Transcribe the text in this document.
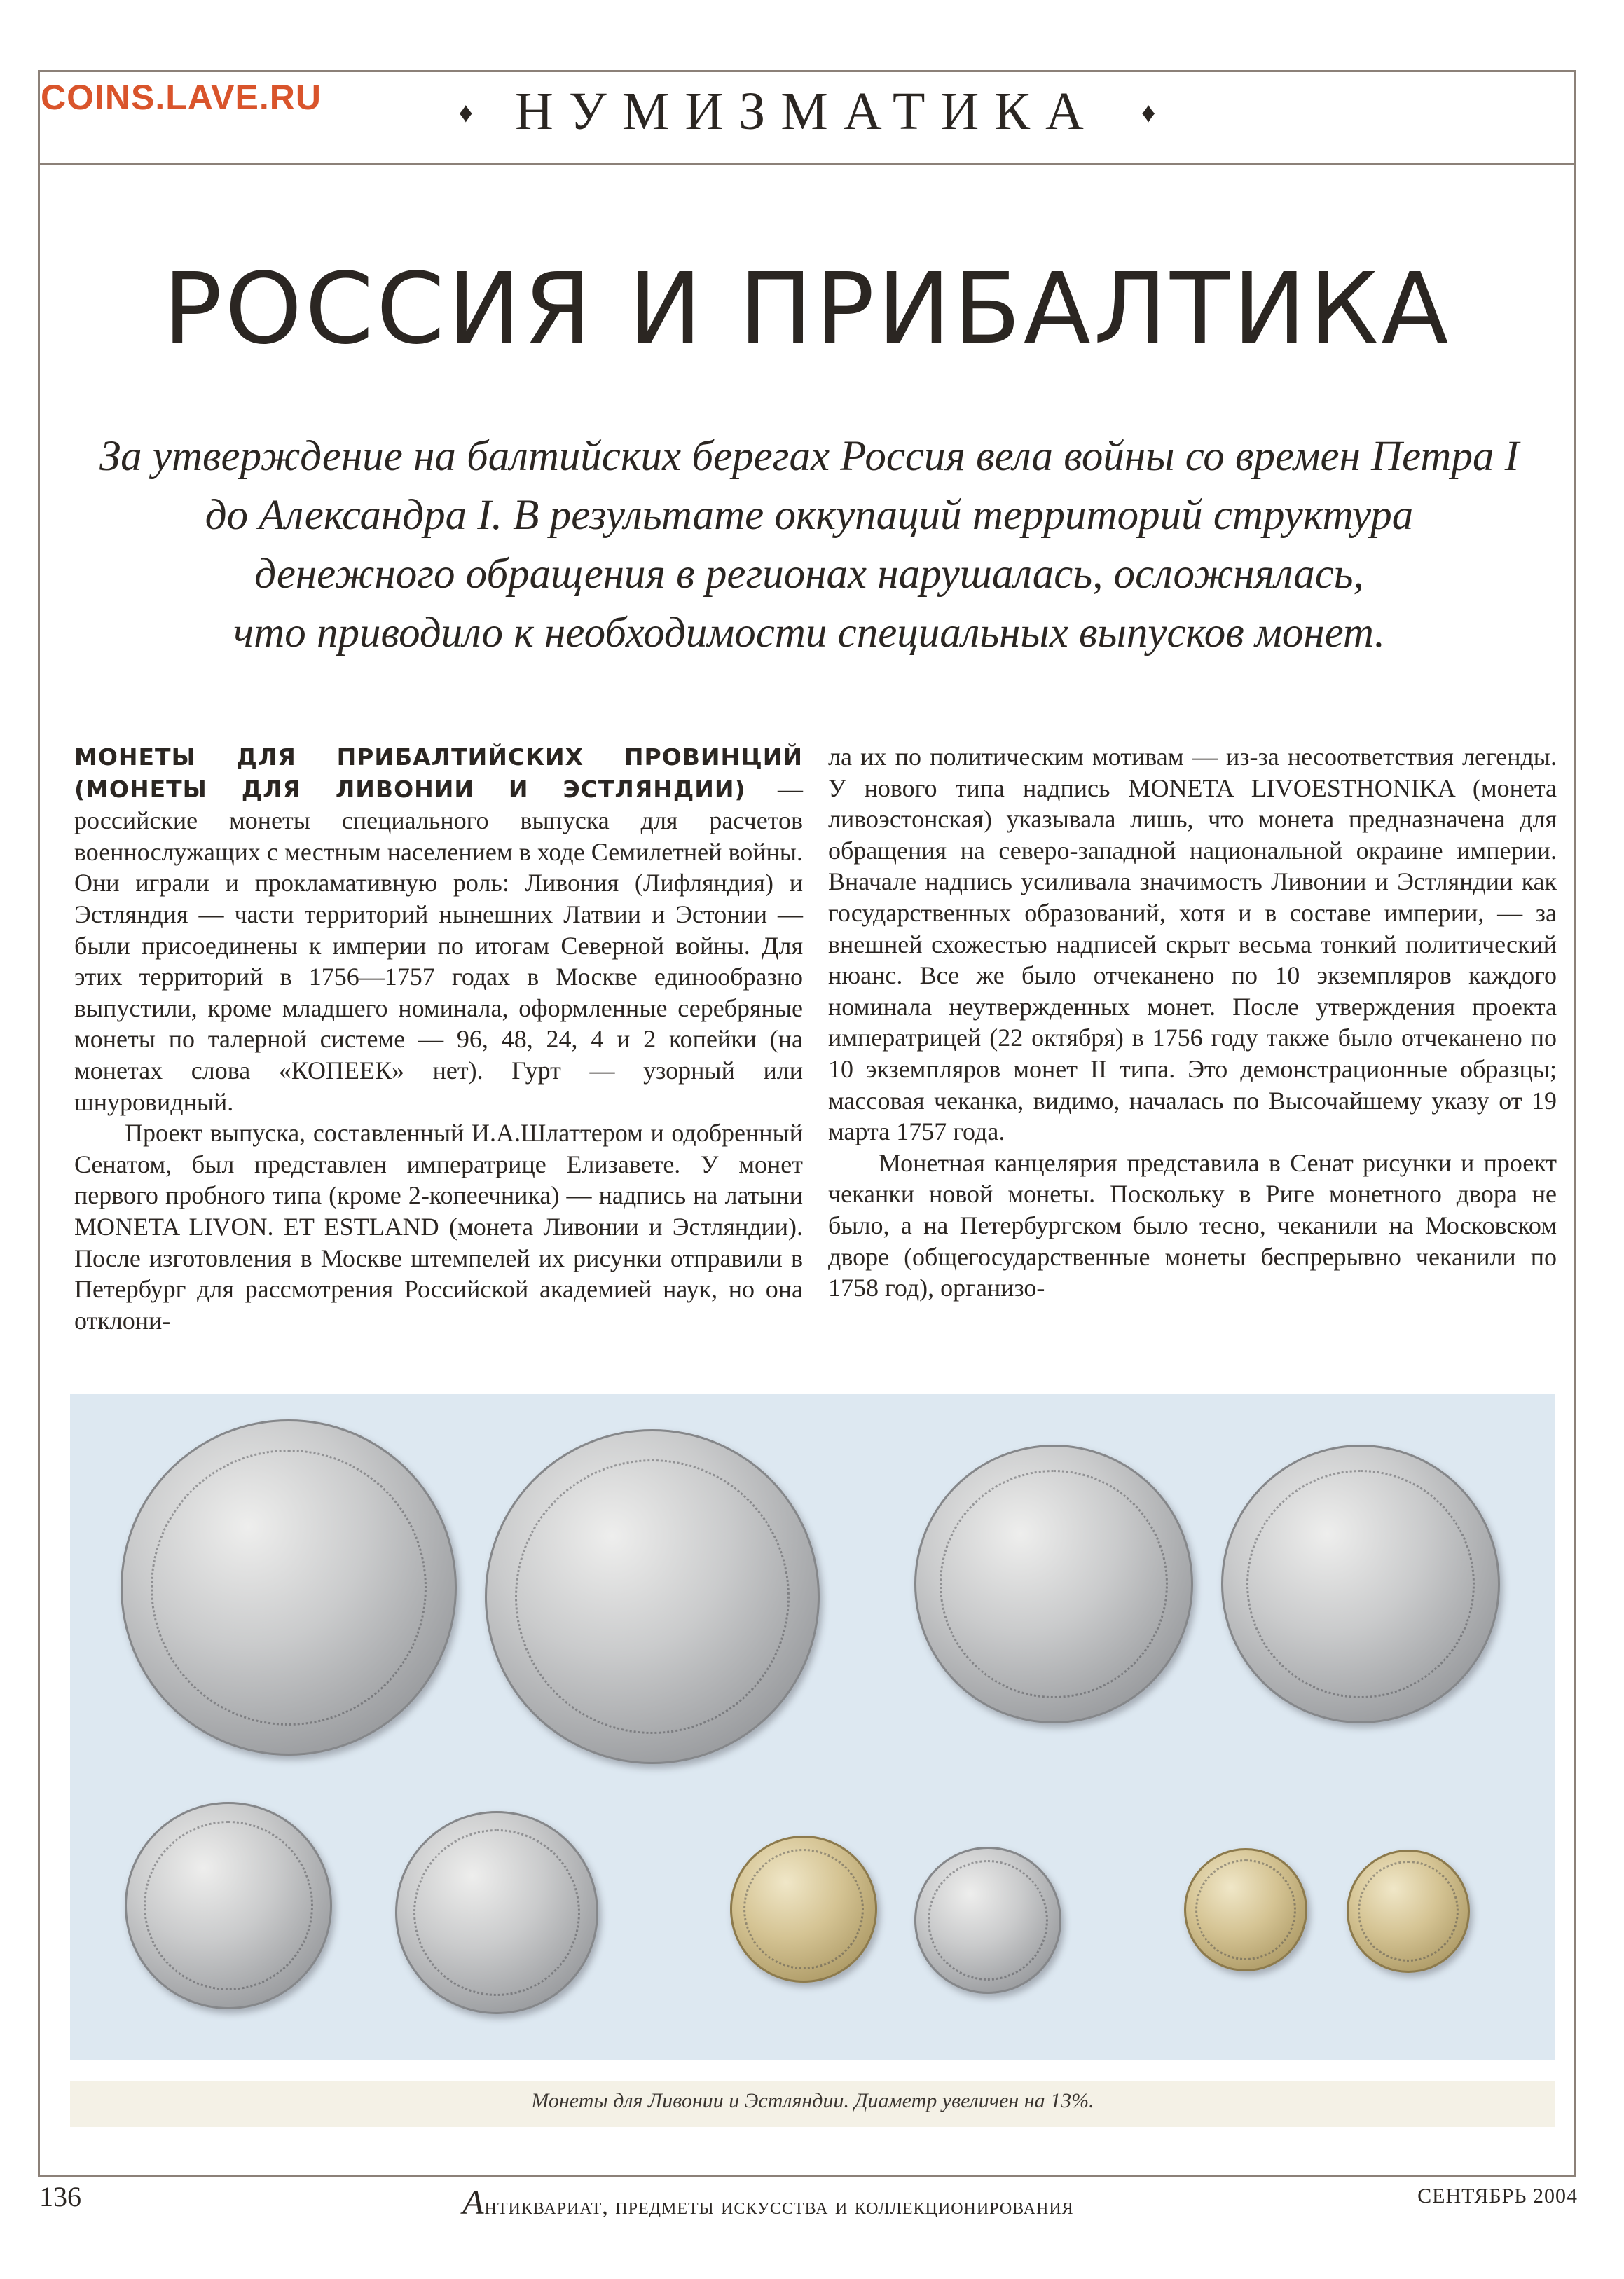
COINS.LAVE.RU	♦ НУМИЗМАТИКА ♦
РОССИЯ И ПРИБАЛТИКА
За утверждение на балтийских берегах Россия вела войны со времен Петра I
до Александра I. В результате оккупаций территорий структура
денежного обращения в регионах нарушалась, осложнялась,
что приводило к необходимости специальных выпусков монет.

МОНЕТЫ ДЛЯ ПРИБАЛТИЙСКИХ ПРОВИНЦИЙ (МОНЕТЫ ДЛЯ ЛИВОНИИ И ЭСТЛЯНДИИ) — российские монеты специального выпуска для расчетов военнослужащих с местным населением в ходе Семилетней войны. Они играли и прокламативную роль: Ливония (Лифляндия) и Эстляндия — части территорий нынешних Латвии и Эстонии — были присоединены к империи по итогам Северной войны. Для этих территорий в 1756—1757 годах в Москве единообразно выпустили, кроме младшего номинала, оформленные серебряные монеты по талерной системе — 96, 48, 24, 4 и 2 копейки (на монетах слова «КОПЕЕК» нет). Гурт — узорный или шнуровидный.

Проект выпуска, составленный И.А.Шлаттером и одобренный Сенатом, был представлен императрице Елизавете. У монет первого пробного типа (кроме 2-копеечника) — надпись на латыни MONETA LIVON. ET ESTLAND (монета Ливонии и Эстляндии). После изготовления в Москве штемпелей их рисунки отправили в Петербург для рассмотрения Российской академией наук, но она отклони-

ла их по политическим мотивам — из-за несоответствия легенды. У нового типа надпись MONETA LIVOESTHONIKA (монета ливоэстонская) указывала лишь, что монета предназначена для обращения на северо-западной национальной окраине империи. Вначале надпись усиливала значимость Ливонии и Эстляндии как государственных образований, хотя и в составе империи, — за внешней схожестью надписей скрыт весьма тонкий политический нюанс. Все же было отчеканено по 10 экземпляров каждого номинала неутвержденных монет. После утверждения проекта императрицей (22 октября) в 1756 году также было отчеканено по 10 экземпляров монет II типа. Это демонстрационные образцы; массовая чеканка, видимо, началась по Высочайшему указу от 19 марта 1757 года.

Монетная канцелярия представила в Сенат рисунки и проект чеканки новой монеты. Поскольку в Риге монетного двора не было, а на Петербургском было тесно, чеканили на Московском дворе (общегосударственные монеты беспрерывно чеканили по 1758 год), организо-

Монеты для Ливонии и Эстляндии. Диаметр увеличен на 13%.
136	Антиквариат, предметы искусства и коллекционирования	СЕНТЯБРЬ 2004
